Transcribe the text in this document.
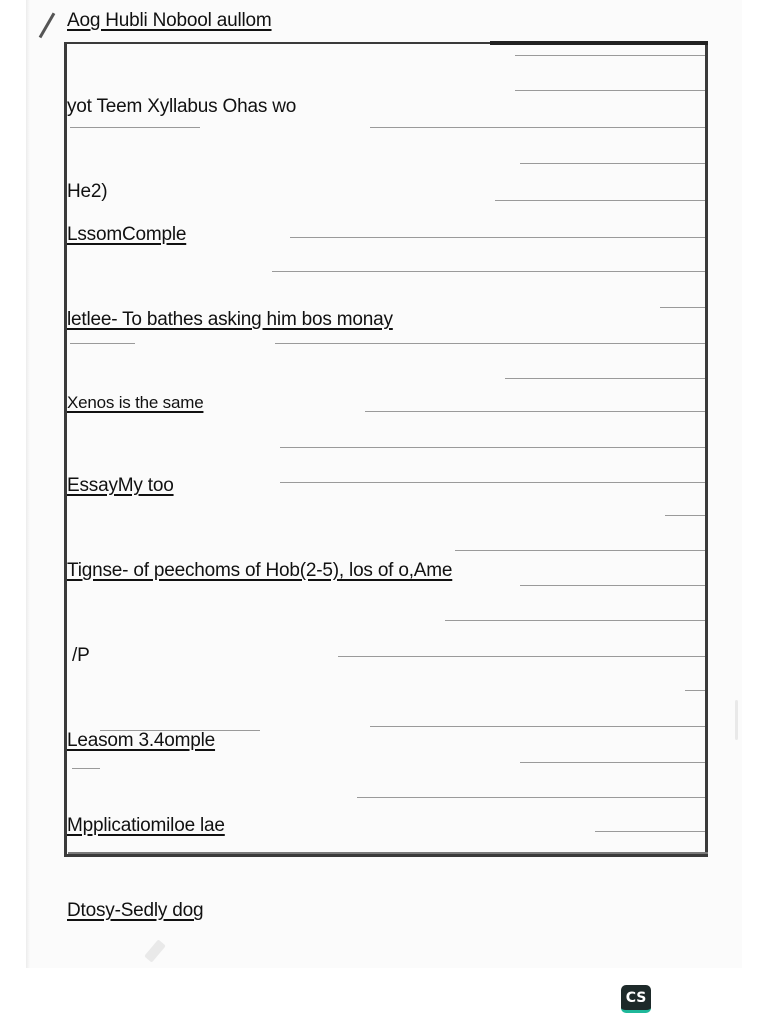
Aog Hubli Nobool aullom
yot Teem Xyllabus Ohas wo
He2)
LssomComple
letlee- To bathes asking him bos monay
Xenos is the same
EssayMy too
Tignse- of peechoms of Hob(2-5), los of o,Ame
/P
Leasom 3.4omple
Mpplicatiomiloe lae
Dtosy-Sedly dog
CS
